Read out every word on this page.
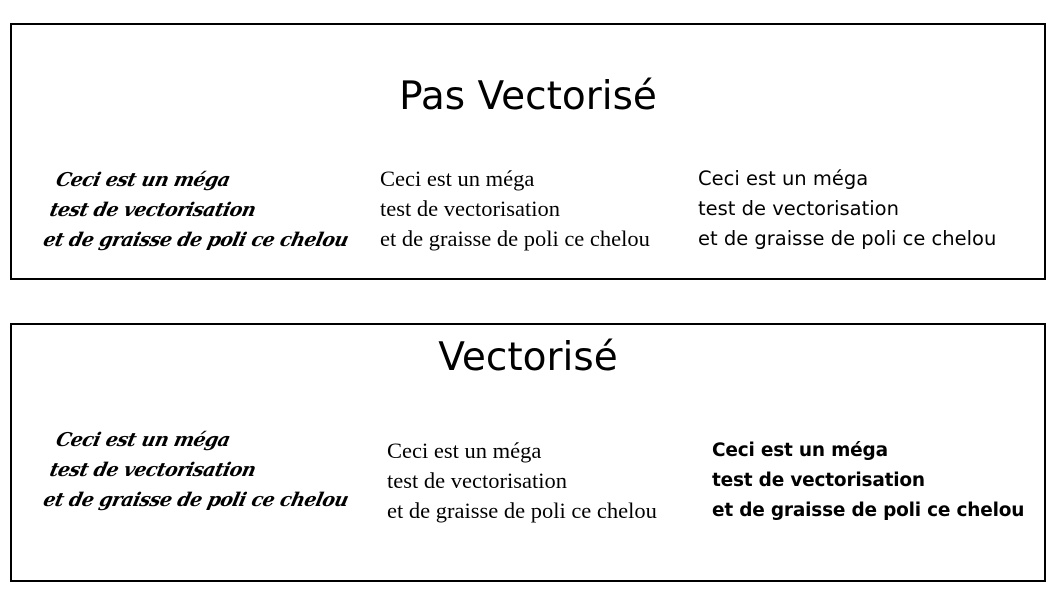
Pas Vectorisé
Ceci est un méga
test de vectorisation
et de graisse de poli ce chelou
Ceci est un méga
test de vectorisation
et de graisse de poli ce chelou
Ceci est un méga
test de vectorisation
et de graisse de poli ce chelou
Vectorisé
Ceci est un méga
test de vectorisation
et de graisse de poli ce chelou
Ceci est un méga
test de vectorisation
et de graisse de poli ce chelou
Ceci est un méga
test de vectorisation
et de graisse de poli ce chelou
